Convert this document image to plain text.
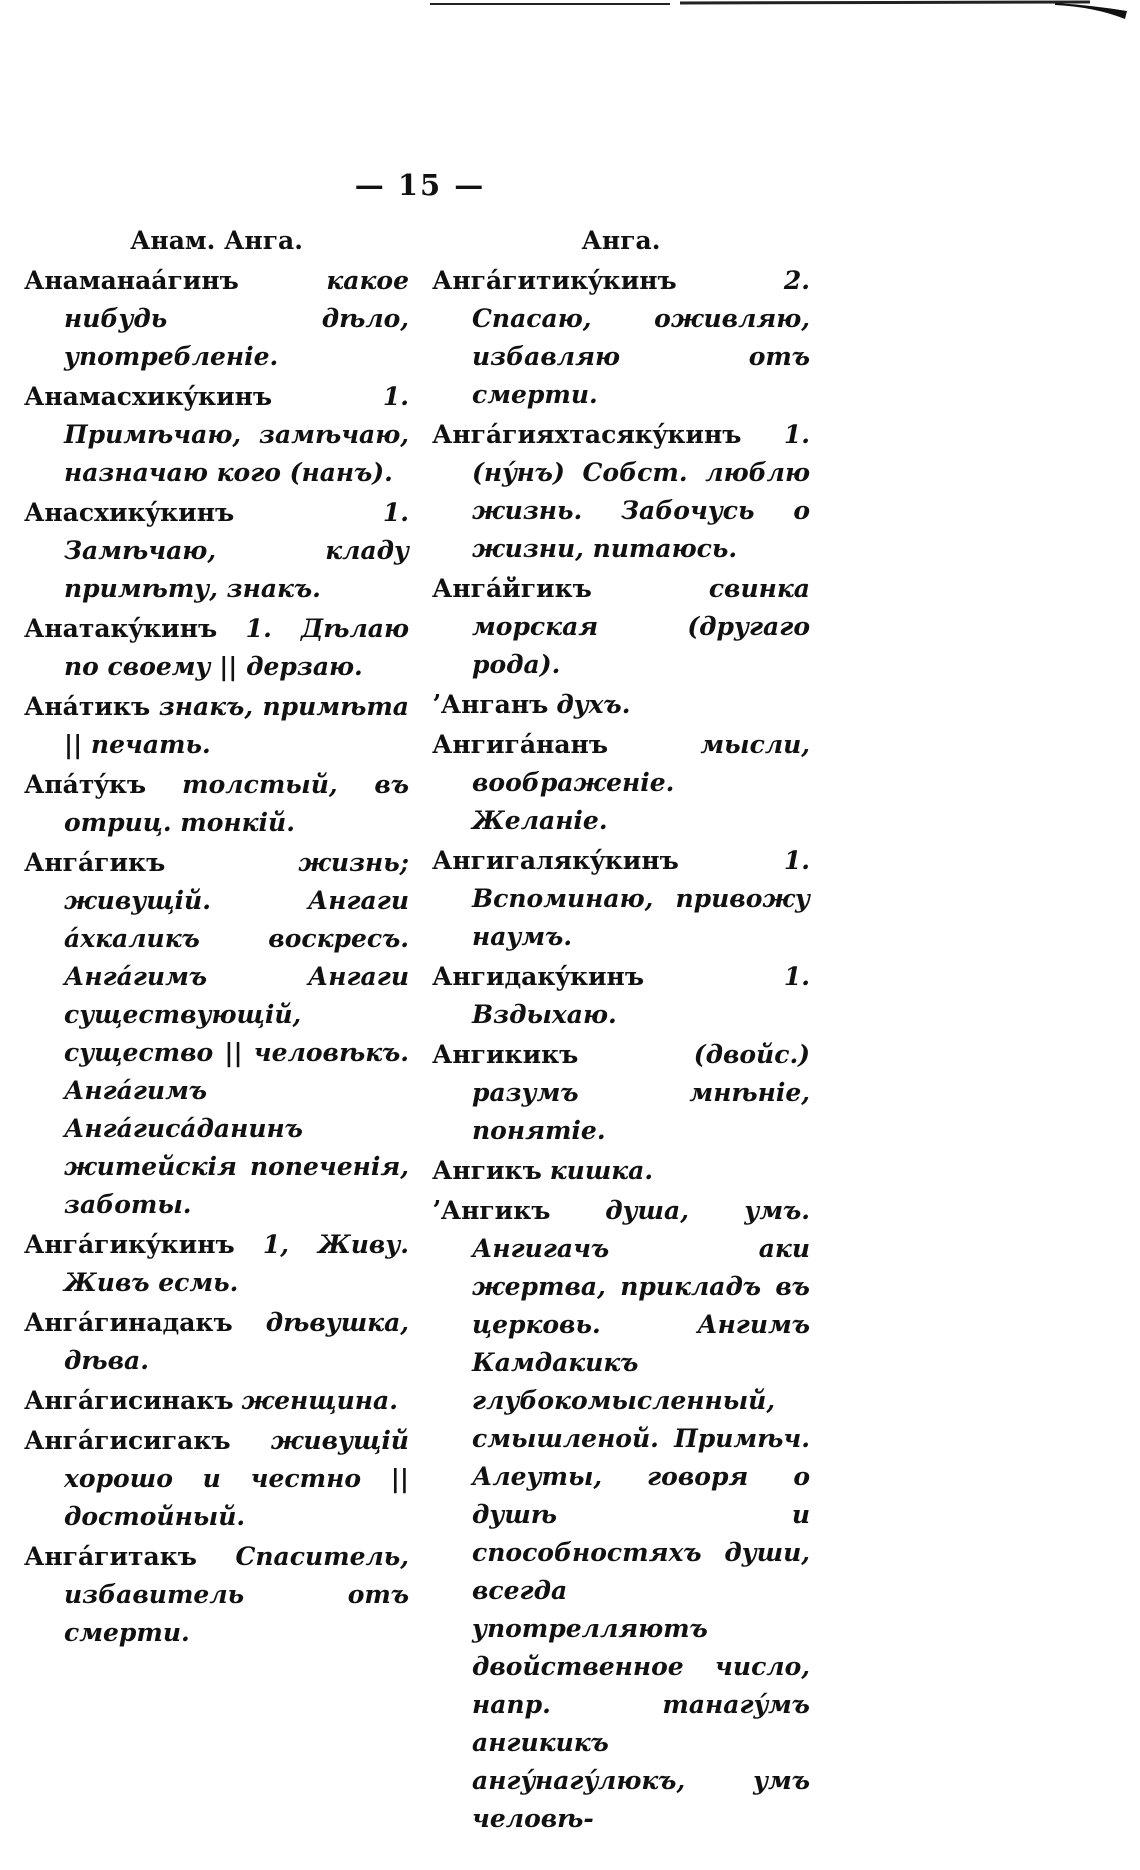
— 15 —
Анам. Анга.

Анаманаáгинъ	какое нибудь дѣло, употребленіе.

Анамасхикýкинъ	1. Примѣчаю, замѣчаю, назначаю кого (нанъ).

Анасхикýкинъ	1. Замѣчаю, кладу примѣту, знакъ.

Анатакýкинъ 1. Дѣлаю по своему || дерзаю.

Анáтикъ знакъ, примѣта || печать.

Апáтýкъ толстый, въ отриц. тонкій.

Ангáгикъ	жизнь; живущій. Ангаги áхкаликъ воскресъ. Ангáгимъ Ангаги существующій, существо || человѣкъ. Ангáгимъ Ангáгисáданинъ житейскія попеченія, заботы.

Ангáгикýкинъ 1, Живу. Живъ есмь.

Ангáгинадакъ дѣвушка, дѣва.

Ангáгисинакъ женщина.

Ангáгисигакъ живущій хорошо и честно || достойный.

Ангáгитакъ Спаситель, избавитель отъ смерти.

Анга.

Ангáгитикýкинъ	2. Спасаю, оживляю, избавляю отъ смерти.

Ангáгияхтасякýкинъ 1. (нýнъ) Собст. люблю жизнь. Забочусь о жизни, питаюсь.

Ангáйгикъ	свинка морская (другаго рода).

ʼАнганъ духъ.

Ангигáнанъ	мысли, воображеніе. Желаніе.

Ангигалякýкинъ	1. Вспоминаю, привожу наумъ.

Ангидакýкинъ	1. Вздыхаю.

Ангикикъ	(двойс.) разумъ мнѣніе, понятіе.

Ангикъ кишка.

ʼАнгикъ душа, умъ. Ангигачъ аки жертва, прикладъ въ церковь. Ангимъ Камдакикъ глубокомысленный, смышленой. Примѣч. Алеуты, говоря о душѣ и способностяхъ души, всегда употрелляютъ двойственное число, напр. танагýмъ ангикикъ ангýнагýлюкъ, умъ человѣ-
